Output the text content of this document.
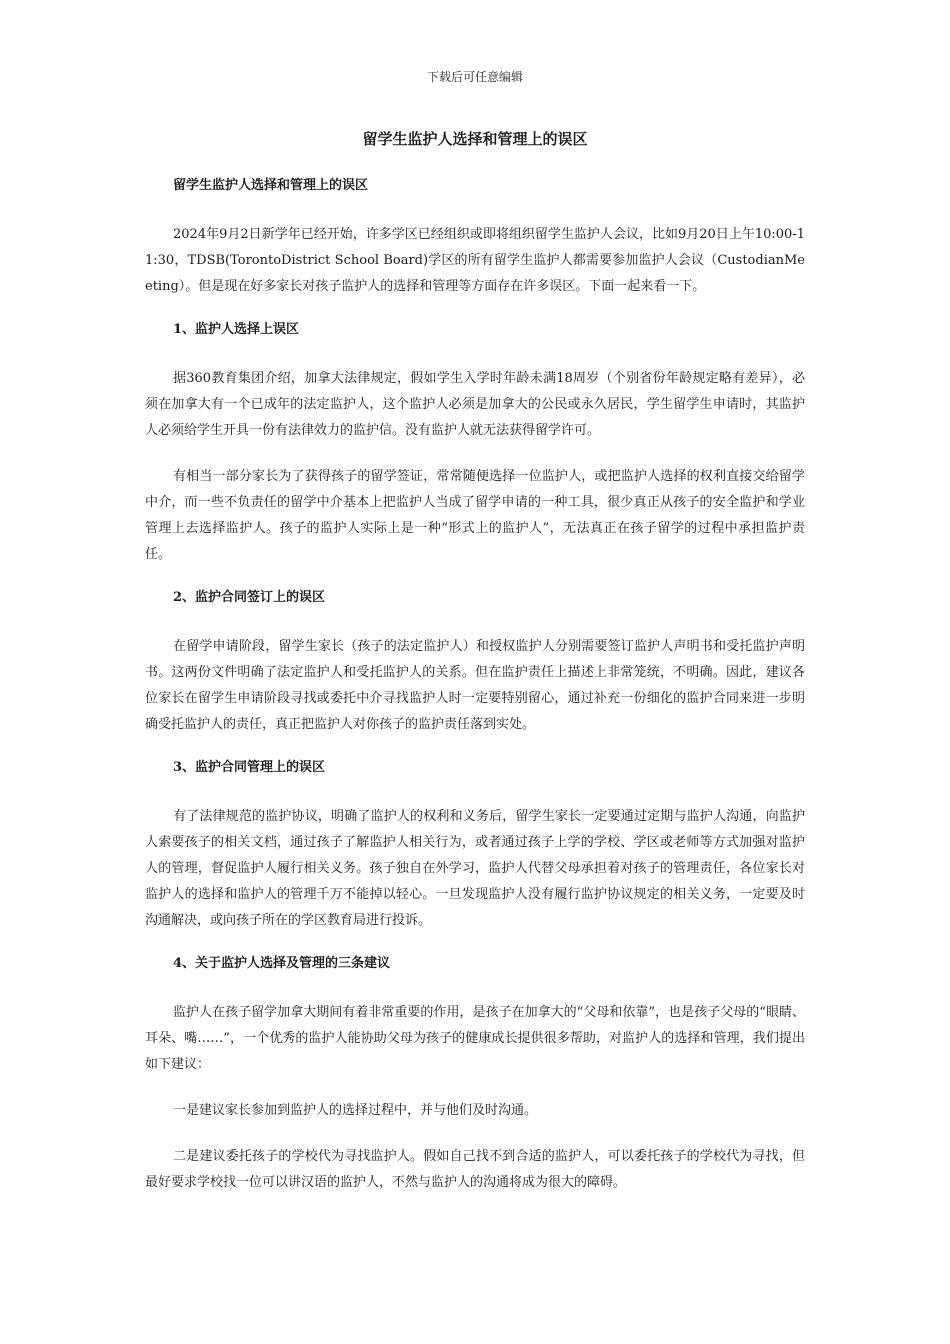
下载后可任意编辑
留学生监护人选择和管理上的误区

留学生监护人选择和管理上的误区

2024年9月2日新学年已经开始，许多学区已经组织或即将组织留学生监护人会议，比如9月20日上午10:00-11:30，TDSB(TorontoDistrict School Board)学区的所有留学生监护人都需要参加监护人会议（CustodianMeeting）。但是现在好多家长对孩子监护人的选择和管理等方面存在许多误区。下面一起来看一下。

1、监护人选择上误区

据360教育集团介绍，加拿大法律规定，假如学生入学时年龄未满18周岁（个别省份年龄规定略有差异），必须在加拿大有一个已成年的法定监护人，这个监护人必须是加拿大的公民或永久居民，学生留学生申请时，其监护人必须给学生开具一份有法律效力的监护信。没有监护人就无法获得留学许可。

有相当一部分家长为了获得孩子的留学签证，常常随便选择一位监护人，或把监护人选择的权利直接交给留学中介，而一些不负责任的留学中介基本上把监护人当成了留学申请的一种工具，很少真正从孩子的安全监护和学业管理上去选择监护人。孩子的监护人实际上是一种“形式上的监护人”，无法真正在孩子留学的过程中承担监护责任。

2、监护合同签订上的误区

在留学申请阶段，留学生家长（孩子的法定监护人）和授权监护人分别需要签订监护人声明书和受托监护声明书。这两份文件明确了法定监护人和受托监护人的关系。但在监护责任上描述上非常笼统，不明确。因此，建议各位家长在留学生申请阶段寻找或委托中介寻找监护人时一定要特别留心，通过补充一份细化的监护合同来进一步明确受托监护人的责任，真正把监护人对你孩子的监护责任落到实处。

3、监护合同管理上的误区

有了法律规范的监护协议，明确了监护人的权利和义务后，留学生家长一定要通过定期与监护人沟通，向监护人索要孩子的相关文档，通过孩子了解监护人相关行为，或者通过孩子上学的学校、学区或老师等方式加强对监护人的管理，督促监护人履行相关义务。孩子独自在外学习，监护人代替父母承担着对孩子的管理责任，各位家长对监护人的选择和监护人的管理千万不能掉以轻心。一旦发现监护人没有履行监护协议规定的相关义务，一定要及时沟通解决，或向孩子所在的学区教育局进行投诉。

4、关于监护人选择及管理的三条建议

监护人在孩子留学加拿大期间有着非常重要的作用，是孩子在加拿大的“父母和依靠”，也是孩子父母的“眼睛、耳朵、嘴……”，一个优秀的监护人能协助父母为孩子的健康成长提供很多帮助，对监护人的选择和管理，我们提出如下建议：

一是建议家长参加到监护人的选择过程中，并与他们及时沟通。

二是建议委托孩子的学校代为寻找监护人。假如自己找不到合适的监护人，可以委托孩子的学校代为寻找，但最好要求学校找一位可以讲汉语的监护人，不然与监护人的沟通将成为很大的障碍。
